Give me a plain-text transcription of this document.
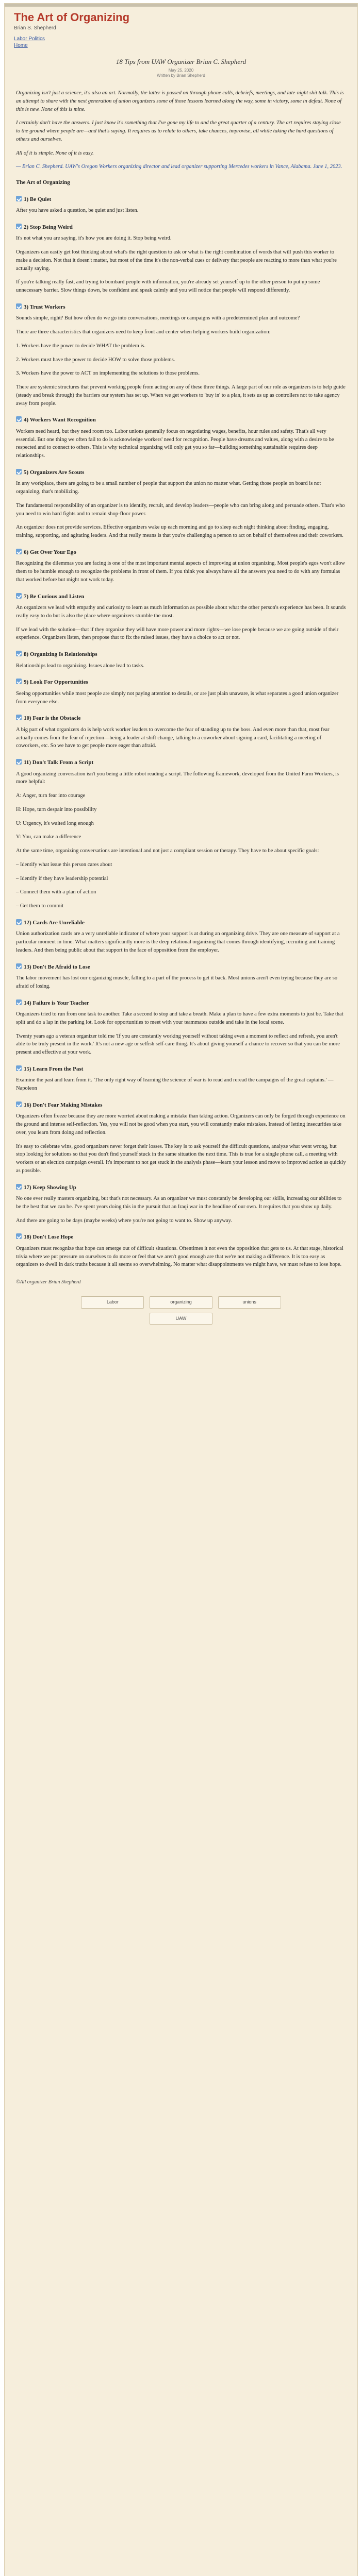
The Art of Organizing
Brian S. Shepherd
Labor Politics
Home
18 Tips from UAW Organizer Brian C. Shepherd
May 25, 2020
Written by Brian Shepherd

Organizing isn't just a science, it's also an art. Normally, the latter is passed on through phone calls, debriefs, meetings, and late-night shit talk. This is an attempt to share with the next generation of union organizers some of those lessons learned along the way, some in victory, some in defeat. None of this is new. None of this is mine.

I certainly don't have the answers. I just know it's something that I've gone my life to and the great quarter of a century. The art requires staying close to the ground where people are—and that's saying. It requires us to relate to others, take chances, improvise, all while taking the hard questions of others and ourselves.

All of it is simple. None of it is easy.

— Brian C. Shepherd. UAW's Oregon Workers organizing director and lead organizer supporting Mercedes workers in Vance, Alabama. June 1, 2023.

The Art of Organizing
1) Be Quiet

After you have asked a question, be quiet and just listen.

2) Stop Being Weird

It's not what you are saying, it's how you are doing it. Stop being weird.

Organizers can easily get lost thinking about what's the right question to ask or what is the right combination of words that will push this worker to make a decision. Not that it doesn't matter, but most of the time it's the non-verbal cues or delivery that people are reacting to more than what you're actually saying.

If you're talking really fast, and trying to bombard people with information, you're already set yourself up to the other person to put up some unnecessary barrier. Slow things down, be confident and speak calmly and you will notice that people will respond differently.

3) Trust Workers

Sounds simple, right? But how often do we go into conversations, meetings or campaigns with a predetermined plan and outcome?

There are three characteristics that organizers need to keep front and center when helping workers build organization:

1. Workers have the power to decide WHAT the problem is.

2. Workers must have the power to decide HOW to solve those problems.

3. Workers have the power to ACT on implementing the solutions to those problems.

There are systemic structures that prevent working people from acting on any of these three things. A large part of our role as organizers is to help guide (steady and break through) the barriers our system has set up. When we get workers to 'buy in' to a plan, it sets us up as controllers not to take agency away from people.

4) Workers Want Recognition

Workers need heard, but they need room too. Labor unions generally focus on negotiating wages, benefits, hour rules and safety. That's all very essential. But one thing we often fail to do is acknowledge workers' need for recognition. People have dreams and values, along with a desire to be respected and to connect to others. This is why technical organizing will only get you so far—building something sustainable requires deep relationships.

5) Organizers Are Scouts

In any workplace, there are going to be a small number of people that support the union no matter what. Getting those people on board is not organizing, that's mobilizing.

The fundamental responsibility of an organizer is to identify, recruit, and develop leaders—people who can bring along and persuade others. That's who you need to win hard fights and to remain shop-floor power.

An organizer does not provide services. Effective organizers wake up each morning and go to sleep each night thinking about finding, engaging, training, supporting, and agitating leaders. And that really means is that you're challenging a person to act on behalf of themselves and their coworkers.

6) Get Over Your Ego

Recognizing the dilemmas you are facing is one of the most important mental aspects of improving at union organizing. Most people's egos won't allow them to be humble enough to recognize the problems in front of them. If you think you always have all the answers you need to do with any formulas that worked before but might not work today.

7) Be Curious and Listen

An organizers we lead with empathy and curiosity to learn as much information as possible about what the other person's experience has been. It sounds really easy to do but is also the place where organizers stumble the most.

If we lead with the solution—that if they organize they will have more power and more rights—we lose people because we are going outside of their experience. Organizers listen, then propose that to fix the raised issues, they have a choice to act or not.

8) Organizing Is Relationships

Relationships lead to organizing. Issues alone lead to tasks.

9) Look For Opportunities

Seeing opportunities while most people are simply not paying attention to details, or are just plain unaware, is what separates a good union organizer from everyone else.

10) Fear is the Obstacle

A big part of what organizers do is help work worker leaders to overcome the fear of standing up to the boss. And even more than that, most fear actually comes from the fear of rejection—being a leader at shift change, talking to a coworker about signing a card, facilitating a meeting of coworkers, etc. So we have to get people more eager than afraid.

11) Don't Talk From a Script

A good organizing conversation isn't you being a little robot reading a script. The following framework, developed from the United Farm Workers, is more helpful:

A: Anger, turn fear into courage

H: Hope, turn despair into possibility

U: Urgency, it's waited long enough

V: You, can make a difference

At the same time, organizing conversations are intentional and not just a compliant session or therapy. They have to be about specific goals:

– Identify what issue this person cares about

– Identify if they have leadership potential

– Connect them with a plan of action

– Get them to commit

12) Cards Are Unreliable

Union authorization cards are a very unreliable indicator of where your support is at during an organizing drive. They are one measure of support at a particular moment in time. What matters significantly more is the deep relational organizing that comes through identifying, recruiting and training leaders. And then being public about that support in the face of opposition from the employer.

13) Don't Be Afraid to Lose

The labor movement has lost our organizing muscle, falling to a part of the process to get it back. Most unions aren't even trying because they are so afraid of losing.

14) Failure is Your Teacher

Organizers tried to run from one task to another. Take a second to stop and take a breath. Make a plan to have a few extra moments to just be. Take that split and do a lap in the parking lot. Look for opportunities to meet with your teammates outside and take in the local scene.

Twenty years ago a veteran organizer told me 'If you are constantly working yourself without taking even a moment to reflect and refresh, you aren't able to be truly present in the work.' It's not a new age or selfish self-care thing. It's about giving yourself a chance to recover so that you can be more present and effective at your work.

15) Learn From the Past

Examine the past and learn from it. 'The only right way of learning the science of war is to read and reread the campaigns of the great captains.' — Napoleon

16) Don't Fear Making Mistakes

Organizers often freeze because they are more worried about making a mistake than taking action. Organizers can only be forged through experience on the ground and intense self-reflection. Yes, you will not be good when you start, you will constantly make mistakes. Instead of letting insecurities take over, you learn from doing and reflection.

It's easy to celebrate wins, good organizers never forget their losses. The key is to ask yourself the difficult questions, analyze what went wrong, but stop looking for solutions so that you don't find yourself stuck in the same situation the next time. This is true for a single phone call, a meeting with workers or an election campaign overall. It's important to not get stuck in the analysis phase—learn your lesson and move to improved action as quickly as possible.

17) Keep Showing Up

No one ever really masters organizing, but that's not necessary. As an organizer we must constantly be developing our skills, increasing our abilities to be the best that we can be. I've spent years doing this in the pursuit that an Iraqi war in the headline of our own. It requires that you show up daily.

And there are going to be days (maybe weeks) where you're not going to want to. Show up anyway.

18) Don't Lose Hope

Organizers must recognize that hope can emerge out of difficult situations. Oftentimes it not even the opposition that gets to us. At that stage, historical trivia where we put pressure on ourselves to do more or feel that we aren't good enough are that we're not making a difference. It is too easy as organizers to dwell in dark truths because it all seems so overwhelming. No matter what disappointments we might have, we must refuse to lose hope.

©All organizer Brian Shepherd
Labor	organizing	unions
UAW
